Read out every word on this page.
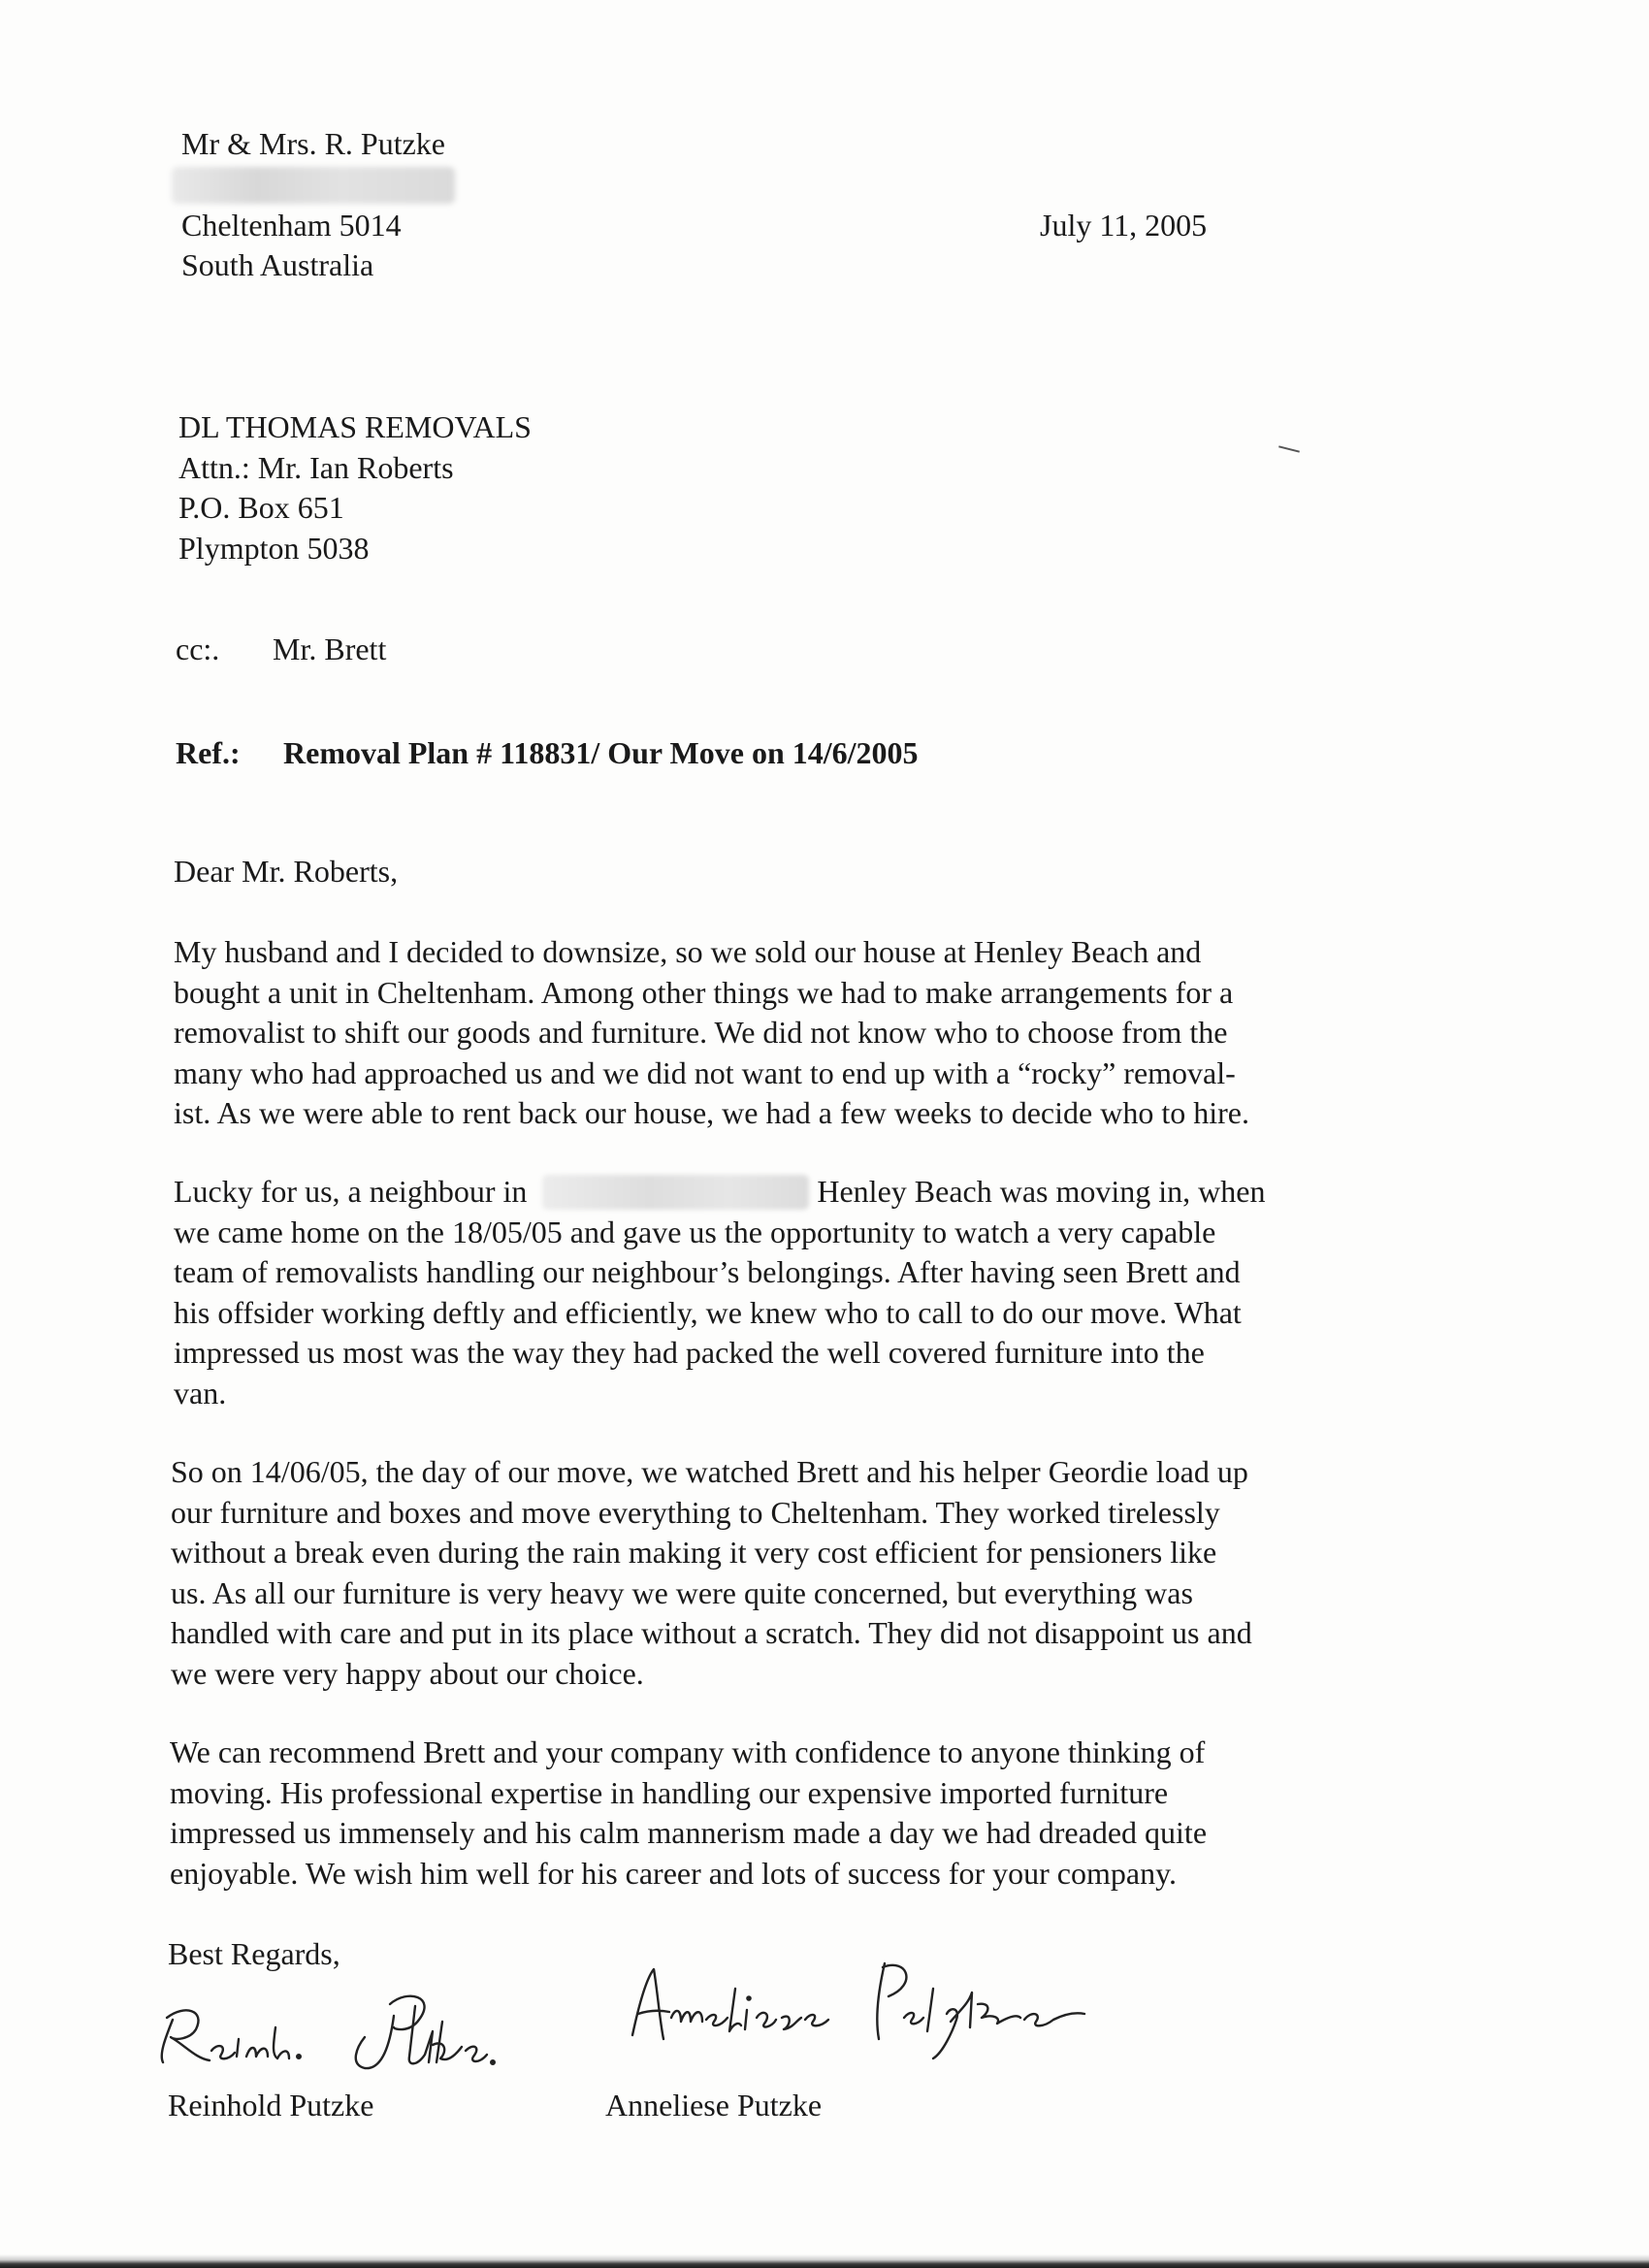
Mr & Mrs. R. Putzke
Cheltenham 5014
South Australia
July 11, 2005
DL THOMAS REMOVALS
Attn.: Mr. Ian Roberts
P.O. Box 651
Plympton 5038
cc:. Mr. Brett
Ref.: Removal Plan # 118831/ Our Move on 14/6/2005
Dear Mr. Roberts,
My husband and I decided to downsize, so we sold our house at Henley Beach and
bought a unit in Cheltenham. Among other things we had to make arrangements for a
removalist to shift our goods and furniture. We did not know who to choose from the
many who had approached us and we did not want to end up with a “rocky” removal-
ist. As we were able to rent back our house, we had a few weeks to decide who to hire.
Lucky for us, a neighbour in	Henley Beach was moving in, when
we came home on the 18/05/05 and gave us the opportunity to watch a very capable
team of removalists handling our neighbour’s belongings. After having seen Brett and
his offsider working deftly and efficiently, we knew who to call to do our move. What
impressed us most was the way they had packed the well covered furniture into the
van.
So on 14/06/05, the day of our move, we watched Brett and his helper Geordie load up
our furniture and boxes and move everything to Cheltenham. They worked tirelessly
without a break even during the rain making it very cost efficient for pensioners like
us. As all our furniture is very heavy we were quite concerned, but everything was
handled with care and put in its place without a scratch. They did not disappoint us and
we were very happy about our choice.
We can recommend Brett and your company with confidence to anyone thinking of
moving. His professional expertise in handling our expensive imported furniture
impressed us immensely and his calm mannerism made a day we had dreaded quite
enjoyable. We wish him well for his career and lots of success for your company.
Best Regards,
Reinhold Putzke	Anneliese Putzke
